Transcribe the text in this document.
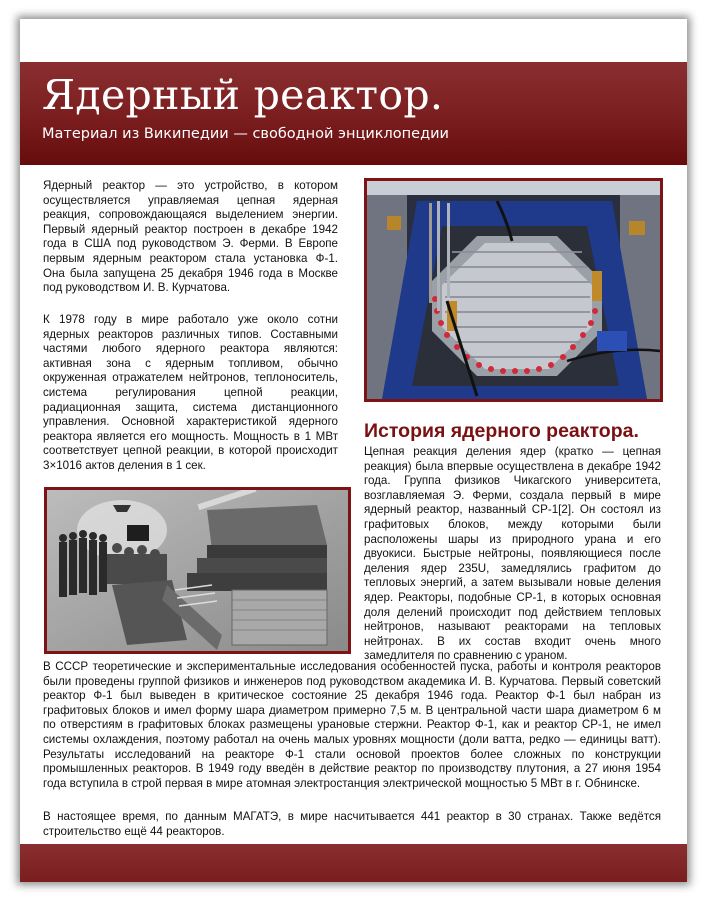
Ядерный реактор.
Материал из Википедии — свободной энциклопедии

Ядерный реактор — это устройство, в котором осуществляется управляемая цепная ядерная реакция, сопровождающаяся выделением энергии. Первый ядерный реактор построен в декабре 1942 года в США под руководством Э. Ферми. В Европе первым ядерным реактором стала установка Ф-1. Она была запущена 25 декабря 1946 года в Москве под руководством И. В. Курчатова.

К 1978 году в мире работало уже около сотни ядерных реакторов различных типов. Составными частями любого ядерного реактора являются: активная зона с ядерным топливом, обычно окруженная отражателем нейтронов, теплоноситель, система регулирования цепной реакции, радиационная защита, система дистанционного управления. Основной характеристикой ядерного реактора является его мощность. Мощность в 1 МВт соответствует цепной реакции, в которой происходит 3×1016 актов деления в 1 сек.

История ядерного реактора.

Цепная реакция деления ядер (кратко — цепная реакция) была впервые осуществлена в декабре 1942 года. Группа физиков Чикагского университета, возглавляемая Э. Ферми, создала первый в мире ядерный реактор, названный СР-1[2]. Он состоял из графитовых блоков, между которыми были расположены шары из природного урана и его двуокиси. Быстрые нейтроны, появляющиеся после деления ядер 235U, замедлялись графитом до тепловых энергий, а затем вызывали новые деления ядер. Реакторы, подобные СР-1, в которых основная доля делений происходит под действием тепловых нейтронов, называют реакторами на тепловых нейтронах. В их состав входит очень много замедлителя по сравнению с ураном.

В СССР теоретические и экспериментальные исследования особенностей пуска, работы и контроля реакторов были проведены группой физиков и инженеров под руководством академика И. В. Курчатова. Первый советский реактор Ф-1 был выведен в критическое состояние 25 декабря 1946 года. Реактор Ф-1 был набран из графитовых блоков и имел форму шара диаметром примерно 7,5 м. В центральной части шара диаметром 6 м по отверстиям в графитовых блоках размещены урановые стержни. Реактор Ф-1, как и реактор СР-1, не имел системы охлаждения, поэтому работал на очень малых уровнях мощности (доли ватта, редко — единицы ватт). Результаты исследований на реакторе Ф-1 стали основой проектов более сложных по конструкции промышленных реакторов. В 1949 году введён в действие реактор по производству плутония, а 27 июня 1954 года вступила в строй первая в мире атомная электростанция электрической мощностью 5 МВт в г. Обнинске.

В настоящее время, по данным МАГАТЭ, в мире насчитывается 441 реактор в 30 странах. Также ведётся строительство ещё 44 реакторов.
